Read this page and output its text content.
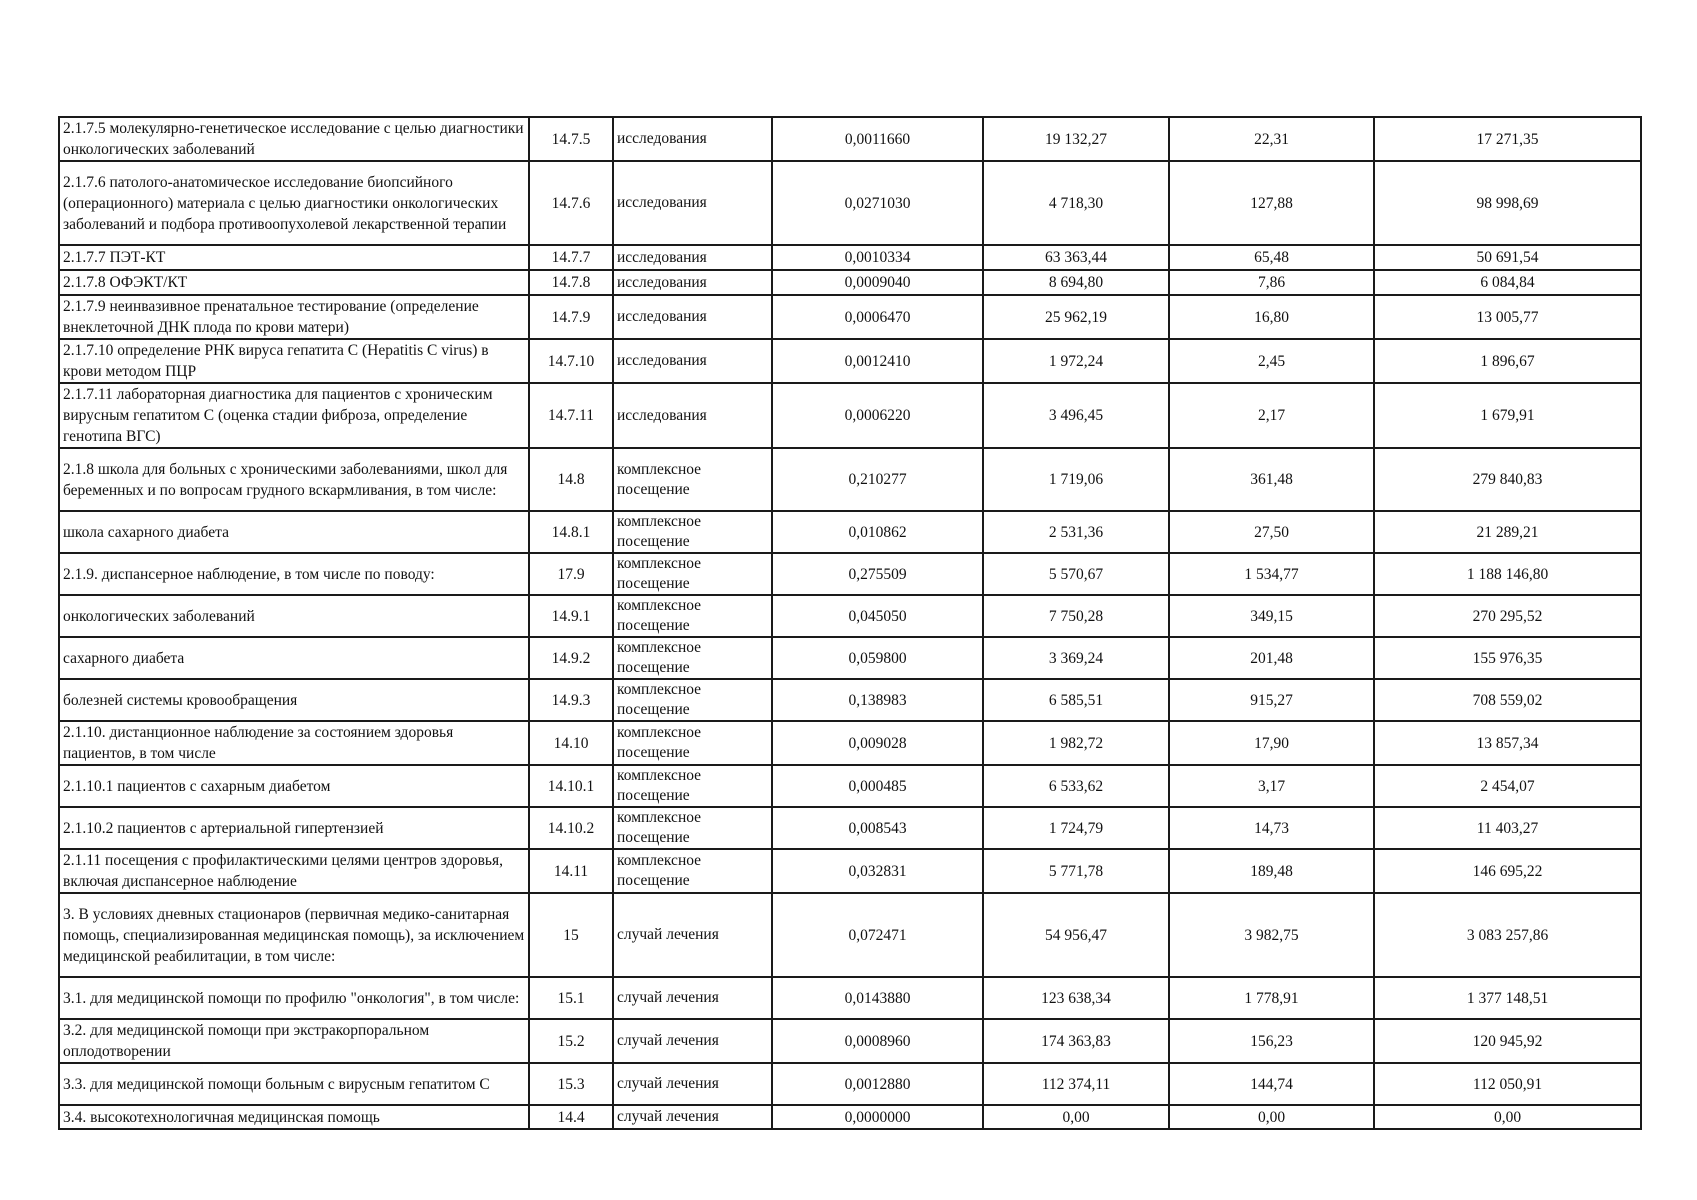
2.1.7.5 молекулярно-генетическое исследование с целью диагностики онкологических заболеваний	14.7.5	исследования	0,0011660	19 132,27	22,31	17 271,35
2.1.7.6 патолого-анатомическое исследование биопсийного (операционного) материала с целью диагностики онкологических заболеваний и подбора противоопухолевой лекарственной терапии	14.7.6	исследования	0,0271030	4 718,30	127,88	98 998,69
2.1.7.7 ПЭТ-КТ	14.7.7	исследования	0,0010334	63 363,44	65,48	50 691,54
2.1.7.8 ОФЭКТ/КТ	14.7.8	исследования	0,0009040	8 694,80	7,86	6 084,84
2.1.7.9 неинвазивное пренатальное тестирование (определение внеклеточной ДНК плода по крови матери)	14.7.9	исследования	0,0006470	25 962,19	16,80	13 005,77
2.1.7.10 определение РНК вируса гепатита С (Hepatitis C virus) в крови методом ПЦР	14.7.10	исследования	0,0012410	1 972,24	2,45	1 896,67
2.1.7.11 лабораторная диагностика для пациентов с хроническим вирусным гепатитом С (оценка стадии фиброза, определение генотипа ВГС)	14.7.11	исследования	0,0006220	3 496,45	2,17	1 679,91
2.1.8 школа для больных с хроническими заболеваниями, школ для беременных и по вопросам грудного вскармливания, в том числе:	14.8	комплексное посещение	0,210277	1 719,06	361,48	279 840,83
школа сахарного диабета	14.8.1	комплексное посещение	0,010862	2 531,36	27,50	21 289,21
2.1.9. диспансерное наблюдение, в том числе по поводу:	17.9	комплексное посещение	0,275509	5 570,67	1 534,77	1 188 146,80
онкологических заболеваний	14.9.1	комплексное посещение	0,045050	7 750,28	349,15	270 295,52
сахарного диабета	14.9.2	комплексное посещение	0,059800	3 369,24	201,48	155 976,35
болезней системы кровообращения	14.9.3	комплексное посещение	0,138983	6 585,51	915,27	708 559,02
2.1.10. дистанционное наблюдение за состоянием здоровья пациентов, в том числе	14.10	комплексное посещение	0,009028	1 982,72	17,90	13 857,34
2.1.10.1 пациентов с сахарным диабетом	14.10.1	комплексное посещение	0,000485	6 533,62	3,17	2 454,07
2.1.10.2 пациентов с артериальной гипертензией	14.10.2	комплексное посещение	0,008543	1 724,79	14,73	11 403,27
2.1.11 посещения с профилактическими целями центров здоровья, включая диспансерное наблюдение	14.11	комплексное посещение	0,032831	5 771,78	189,48	146 695,22
3. В условиях дневных стационаров (первичная медико-санитарная помощь, специализированная медицинская помощь), за исключением медицинской реабилитации, в том числе:	15	случай лечения	0,072471	54 956,47	3 982,75	3 083 257,86
3.1. для медицинской помощи по профилю "онкология", в том числе:	15.1	случай лечения	0,0143880	123 638,34	1 778,91	1 377 148,51
3.2. для медицинской помощи при экстракорпоральном оплодотворении	15.2	случай лечения	0,0008960	174 363,83	156,23	120 945,92
3.3. для медицинской помощи больным с вирусным гепатитом С	15.3	случай лечения	0,0012880	112 374,11	144,74	112 050,91
3.4. высокотехнологичная медицинская помощь	14.4	случай лечения	0,0000000	0,00	0,00	0,00
